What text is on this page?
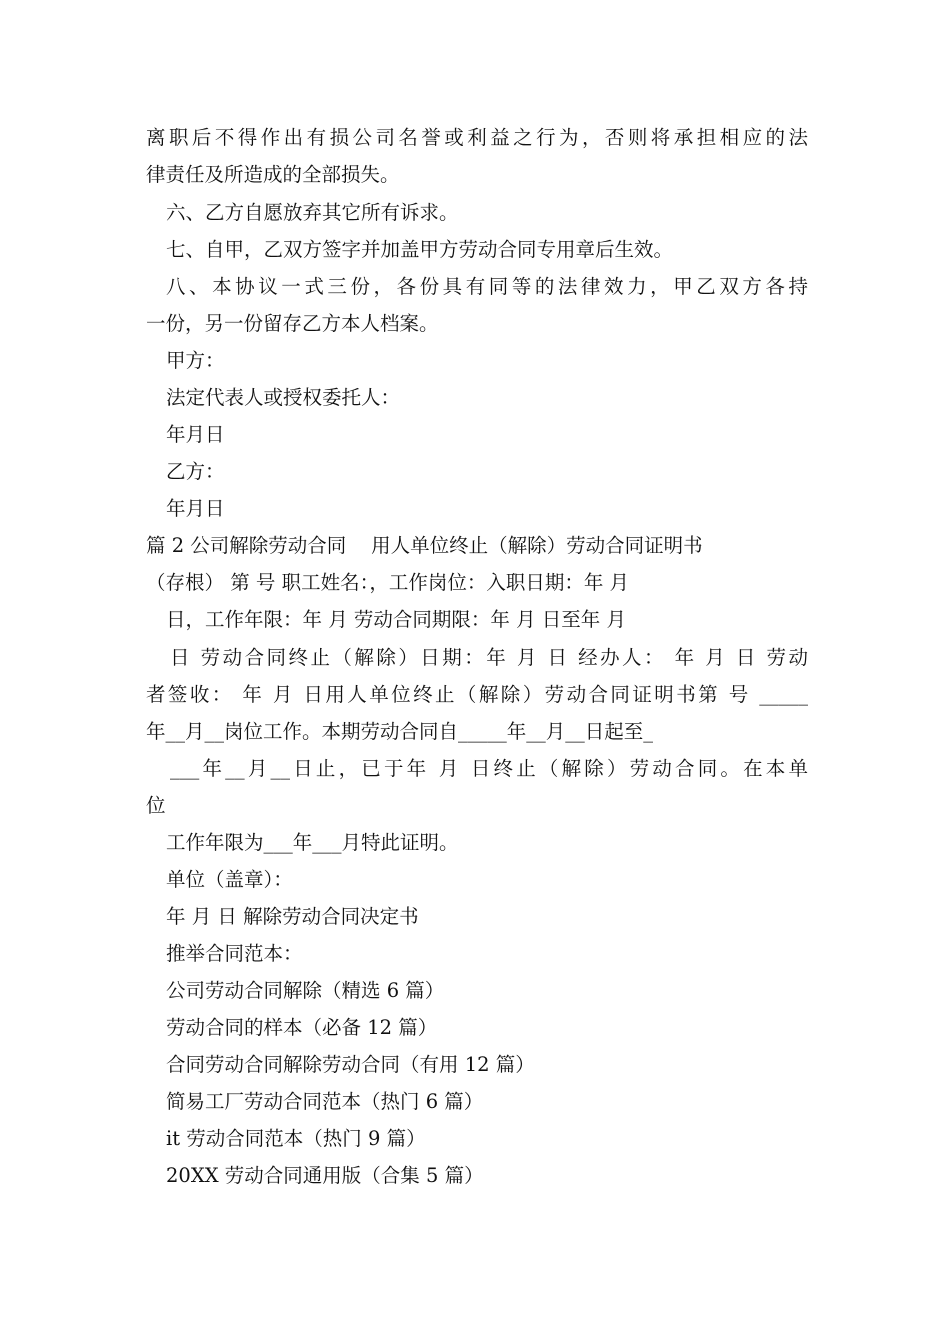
离职后不得作出有损公司名誉或利益之行为，否则将承担相应的法
律责任及所造成的全部损失。
六、乙方自愿放弃其它所有诉求。
七、自甲，乙双方签字并加盖甲方劳动合同专用章后生效。
八、本协议一式三份，各份具有同等的法律效力，甲乙双方各持
一份，另一份留存乙方本人档案。
甲方：
法定代表人或授权委托人：
年月日
乙方：
年月日
篇 2 公司解除劳动合同    用人单位终止（解除）劳动合同证明书
（存根） 第 号 职工姓名：，工作岗位：入职日期：年 月
日，工作年限：年 月 劳动合同期限：年 月 日至年 月
日 劳动合同终止（解除）日期：年 月 日 经办人： 年 月 日 劳动
者签收： 年 月 日用人单位终止（解除）劳动合同证明书第 号 _____
年__月__岗位工作。本期劳动合同自_____年__月__日起至_
___年__月__日止，已于年 月 日终止（解除）劳动合同。在本单
位
工作年限为___年___月特此证明。
单位（盖章）：
年 月 日 解除劳动合同决定书
推举合同范本：
公司劳动合同解除（精选 6 篇）
劳动合同的样本（必备 12 篇）
合同劳动合同解除劳动合同（有用 12 篇）
简易工厂劳动合同范本（热门 6 篇）
it 劳动合同范本（热门 9 篇）
20XX 劳动合同通用版（合集 5 篇）
